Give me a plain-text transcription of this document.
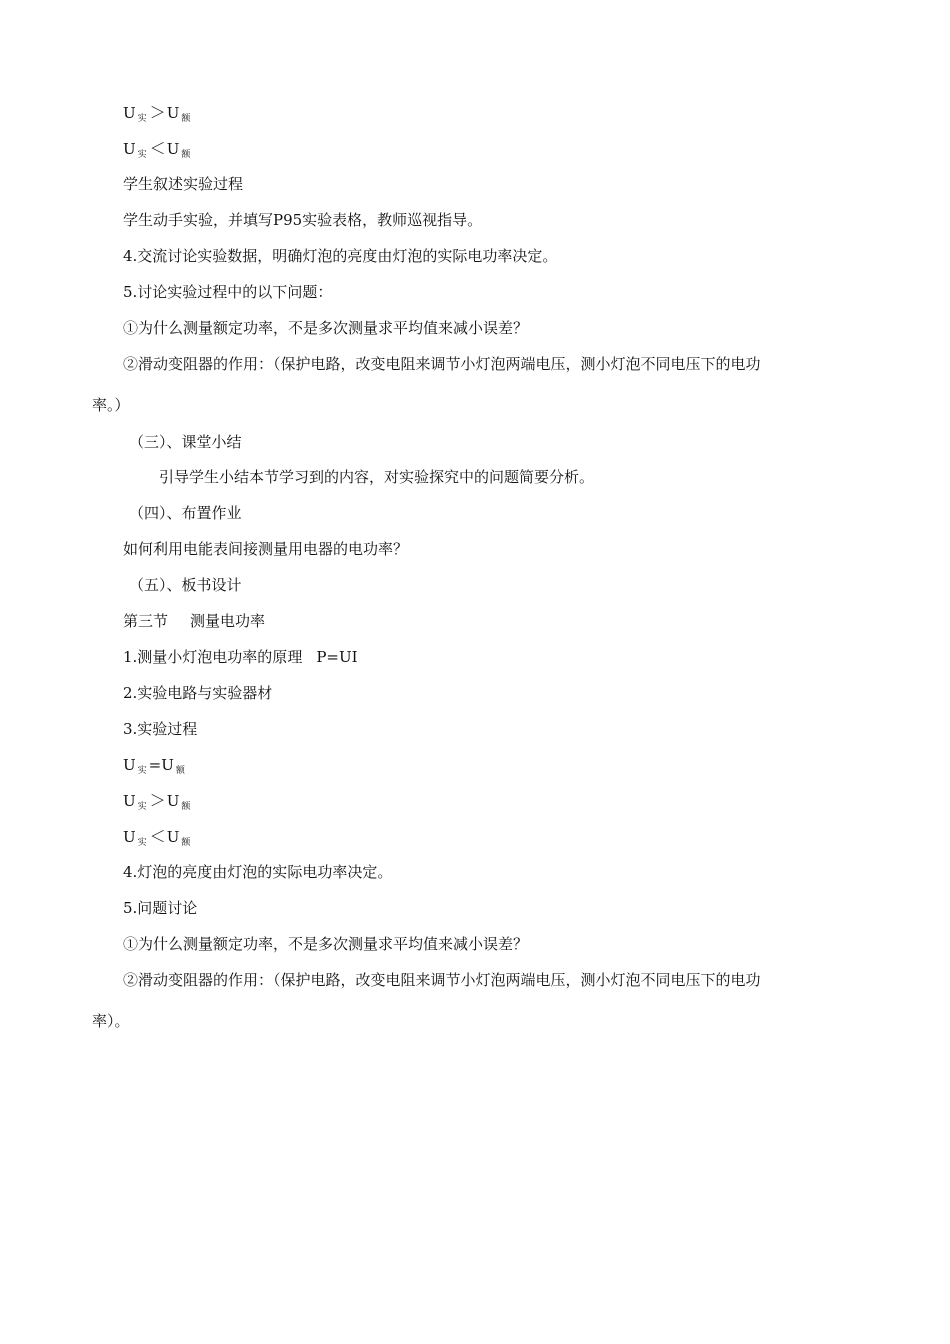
U $_实$ ＞U $_额$
U $_实$ ＜U $_额$
学生叙述实验过程
学生动手实验，并填写P95实验表格，教师巡视指导。
4.交流讨论实验数据，明确灯泡的亮度由灯泡的实际电功率决定。
5.讨论实验过程中的以下问题：
①为什么测量额定功率，不是多次测量求平均值来减小误差？
②滑动变阻器的作用：（保护电路，改变电阻来调节小灯泡两端电压，测小灯泡不同电压下的电功
率。）
（三）、课堂小结
引导学生小结本节学习到的内容，对实验探究中的问题简要分析。
（四）、布置作业
如何利用电能表间接测量用电器的电功率？
（五）、板书设计
第三节 测量电功率
1.测量小灯泡电功率的原理 P=UI
2.实验电路与实验器材
3.实验过程
U $_实$ =U $_额$
U $_实$ ＞U $_额$
U $_实$ ＜U $_额$
4.灯泡的亮度由灯泡的实际电功率决定。
5.问题讨论
①为什么测量额定功率，不是多次测量求平均值来减小误差？
②滑动变阻器的作用：（保护电路，改变电阻来调节小灯泡两端电压，测小灯泡不同电压下的电功
率）。
